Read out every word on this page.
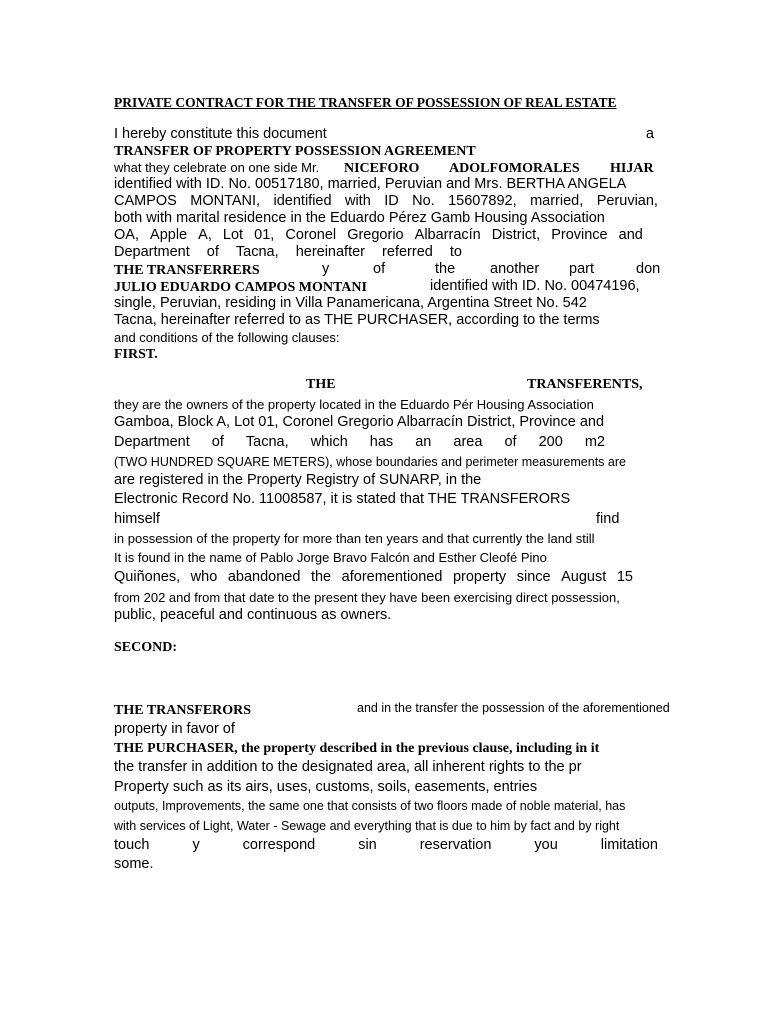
PRIVATE CONTRACT FOR THE TRANSFER OF POSSESSION OF REAL ESTATE
I hereby constitute this document	a
TRANSFER OF PROPERTY POSSESSION AGREEMENT
what they celebrate on one side Mr. NICEFORO ADOLFOMORALES HIJAR
identified with ID. No. 00517180, married, Peruvian and Mrs. BERTHA ANGELA
CAMPOS MONTANI, identified with ID No. 15607892, married, Peruvian,
both with marital residence in the Eduardo Pérez Gamb Housing Association
OA, Apple A, Lot 01, Coronel Gregorio Albarracín District, Province and
Department of Tacna, hereinafter referred to
THE TRANSFERRERS	y	of	the another part	don
JULIO EDUARDO CAMPOS MONTANI	identified with ID. No. 00474196,
single, Peruvian, residing in Villa Panamericana, Argentina Street No. 542
Tacna, hereinafter referred to as THE PURCHASER, according to the terms
and conditions of the following clauses:
FIRST.
THE	TRANSFERENTS,
they are the owners of the property located in the Eduardo Pér Housing Association
Gamboa, Block A, Lot 01, Coronel Gregorio Albarracín District, Province and
Department of Tacna, which has an area of 200 m2
(TWO HUNDRED SQUARE METERS), whose boundaries and perimeter measurements are
are registered in the Property Registry of SUNARP, in the
Electronic Record No. 11008587, it is stated that THE TRANSFERORS
himself	find
in possession of the property for more than ten years and that currently the land still
It is found in the name of Pablo Jorge Bravo Falcón and Esther Cleofé Pino
Quiñones, who abandoned the aforementioned property since August 15
from 202 and from that date to the present they have been exercising direct possession,
public, peaceful and continuous as owners.
SECOND:
THE TRANSFERORS	and in the transfer the possession of the aforementioned
property in favor of
THE PURCHASER, the property described in the previous clause, including in it
the transfer in addition to the designated area, all inherent rights to the pr
Property such as its airs, uses, customs, soils, easements, entries
outputs, Improvements, the same one that consists of two floors made of noble material, has
with services of Light, Water - Sewage and everything that is due to him by fact and by right
touch	y	correspond	sin	reservation	you	limitation
some.
